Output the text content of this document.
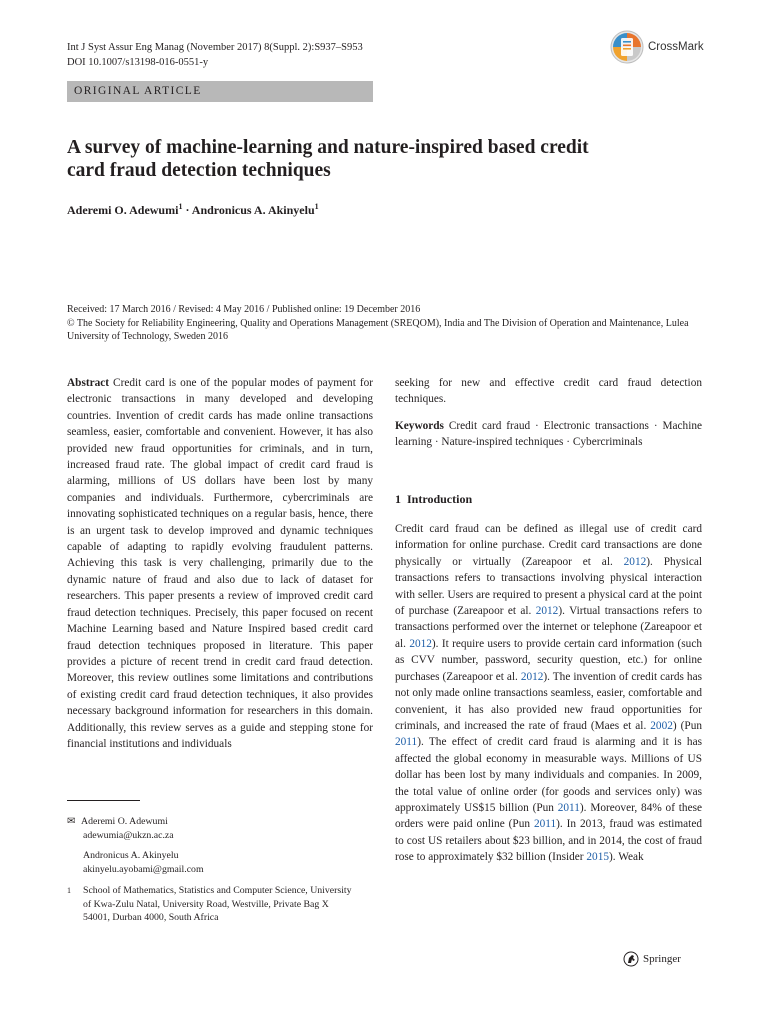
Int J Syst Assur Eng Manag (November 2017) 8(Suppl. 2):S937–S953
DOI 10.1007/s13198-016-0551-y
CrossMark
ORIGINAL ARTICLE
A survey of machine-learning and nature-inspired based credit
card fraud detection techniques
Aderemi O. Adewumi$^1$ · Andronicus A. Akinyelu$^1$
Received: 17 March 2016 / Revised: 4 May 2016 / Published online: 19 December 2016
© The Society for Reliability Engineering, Quality and Operations Management (SREQOM), India and The Division of Operation and Maintenance, Lulea University of Technology, Sweden 2016

Abstract Credit card is one of the popular modes of payment for electronic transactions in many developed and developing countries. Invention of credit cards has made online transactions seamless, easier, comfortable and convenient. However, it has also provided new fraud opportunities for criminals, and in turn, increased fraud rate. The global impact of credit card fraud is alarming, millions of US dollars have been lost by many companies and individuals. Furthermore, cybercriminals are innovating sophisticated techniques on a regular basis, hence, there is an urgent task to develop improved and dynamic techniques capable of adapting to rapidly evolving fraudulent patterns. Achieving this task is very challenging, primarily due to the dynamic nature of fraud and also due to lack of dataset for researchers. This paper presents a review of improved credit card fraud detection techniques. Precisely, this paper focused on recent Machine Learning based and Nature Inspired based credit card fraud detection techniques proposed in literature. This paper provides a picture of recent trend in credit card fraud detection. Moreover, this review outlines some limitations and contributions of existing credit card fraud detection techniques, it also provides necessary background information for researchers in this domain. Additionally, this review serves as a guide and stepping stone for financial institutions and individuals

✉ Aderemi O. Adewumi
adewumia@ukzn.ac.za
Andronicus A. Akinyelu
akinyelu.ayobami@gmail.com
1	School of Mathematics, Statistics and Computer Science, University of Kwa-Zulu Natal, University Road, Westville, Private Bag X 54001, Durban 4000, South Africa

seeking for new and effective credit card fraud detection techniques.

Keywords Credit card fraud · Electronic transactions · Machine learning · Nature-inspired techniques · Cybercriminals

1 Introduction

Credit card fraud can be defined as illegal use of credit card information for online purchase. Credit card transactions are done physically or virtually (Zareapoor et al. 2012). Physical transactions refers to transactions involving physical interaction with seller. Users are required to present a physical card at the point of purchase (Zareapoor et al. 2012). Virtual transactions refers to transactions performed over the internet or telephone (Zareapoor et al. 2012). It require users to provide certain card information (such as CVV number, password, security question, etc.) for online purchases (Zareapoor et al. 2012). The invention of credit cards has not only made online transactions seamless, easier, comfortable and convenient, it has also provided new fraud opportunities for criminals, and increased the rate of fraud (Maes et al. 2002) (Pun 2011). The effect of credit card fraud is alarming and it is has affected the global economy in measurable ways. Millions of US dollar has been lost by many individuals and companies. In 2009, the total value of online order (for goods and services only) was approximately US$15 billion (Pun 2011). Moreover, 84% of these orders were paid online (Pun 2011). In 2013, fraud was estimated to cost US retailers about $23 billion, and in 2014, the cost of fraud rose to approximately $32 billion (Insider 2015). Weak

Springer
